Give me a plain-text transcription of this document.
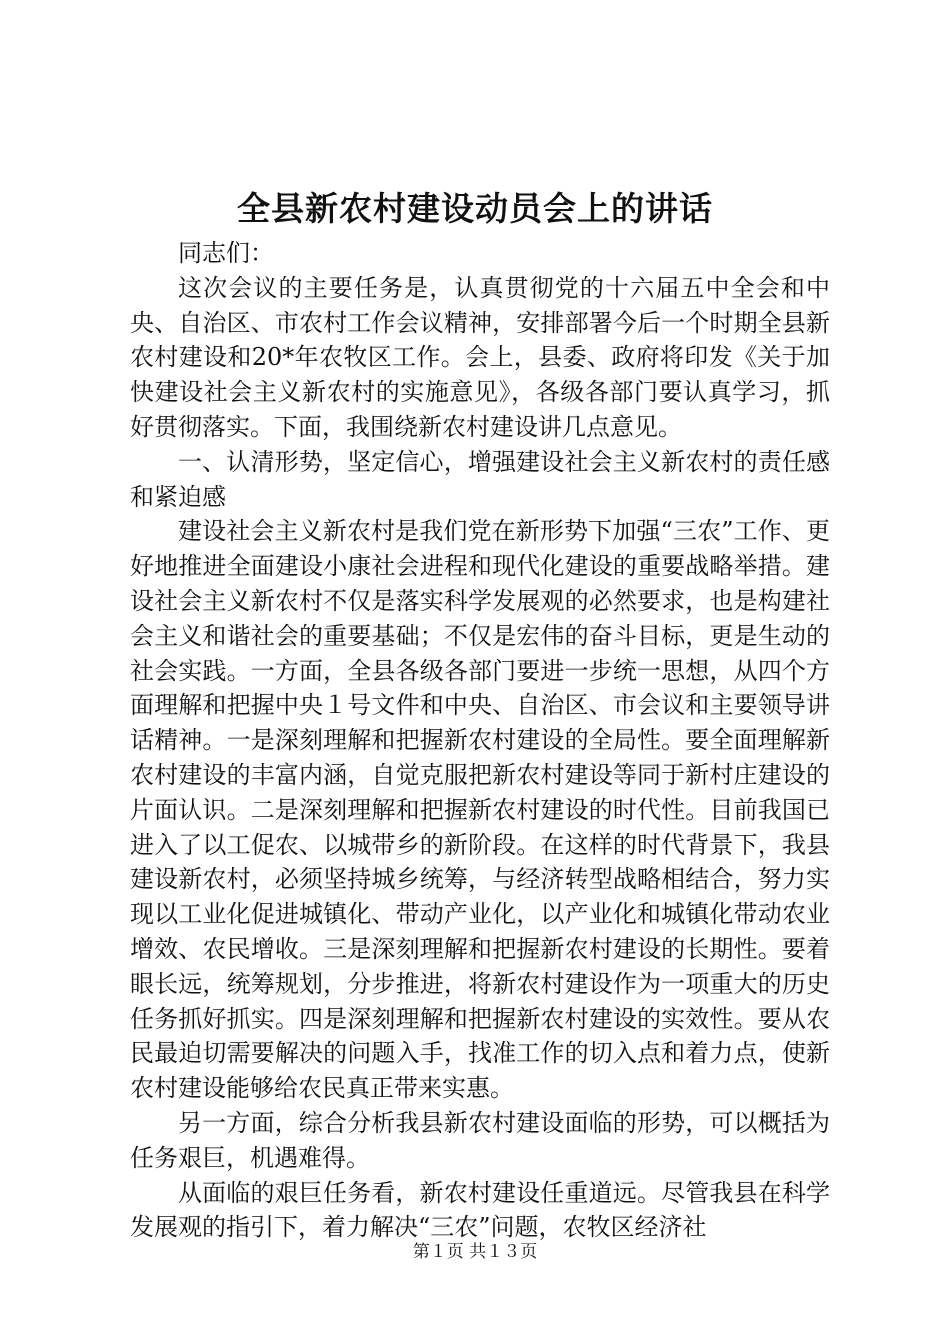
全县新农村建设动员会上的讲话

同志们：

这次会议的主要任务是，认真贯彻党的十六届五中全会和中央、自治区、市农村工作会议精神，安排部署今后一个时期全县新农村建设和20*年农牧区工作。会上，县委、政府将印发《关于加快建设社会主义新农村的实施意见》，各级各部门要认真学习，抓好贯彻落实。下面，我围绕新农村建设讲几点意见。

一、认清形势，坚定信心，增强建设社会主义新农村的责任感和紧迫感

建设社会主义新农村是我们党在新形势下加强“三农”工作、更好地推进全面建设小康社会进程和现代化建设的重要战略举措。建设社会主义新农村不仅是落实科学发展观的必然要求，也是构建社会主义和谐社会的重要基础；不仅是宏伟的奋斗目标，更是生动的社会实践。一方面，全县各级各部门要进一步统一思想，从四个方面理解和把握中央１号文件和中央、自治区、市会议和主要领导讲话精神。一是深刻理解和把握新农村建设的全局性。要全面理解新农村建设的丰富内涵，自觉克服把新农村建设等同于新村庄建设的片面认识。二是深刻理解和把握新农村建设的时代性。目前我国已进入了以工促农、以城带乡的新阶段。在这样的时代背景下，我县建设新农村，必须坚持城乡统筹，与经济转型战略相结合，努力实现以工业化促进城镇化、带动产业化，以产业化和城镇化带动农业增效、农民增收。三是深刻理解和把握新农村建设的长期性。要着眼长远，统筹规划，分步推进，将新农村建设作为一项重大的历史任务抓好抓实。四是深刻理解和把握新农村建设的实效性。要从农民最迫切需要解决的问题入手，找准工作的切入点和着力点，使新农村建设能够给农民真正带来实惠。

另一方面，综合分析我县新农村建设面临的形势，可以概括为任务艰巨，机遇难得。

从面临的艰巨任务看，新农村建设任重道远。尽管我县在科学发展观的指引下，着力解决“三农”问题，农牧区经济社

第１页 共１３页
